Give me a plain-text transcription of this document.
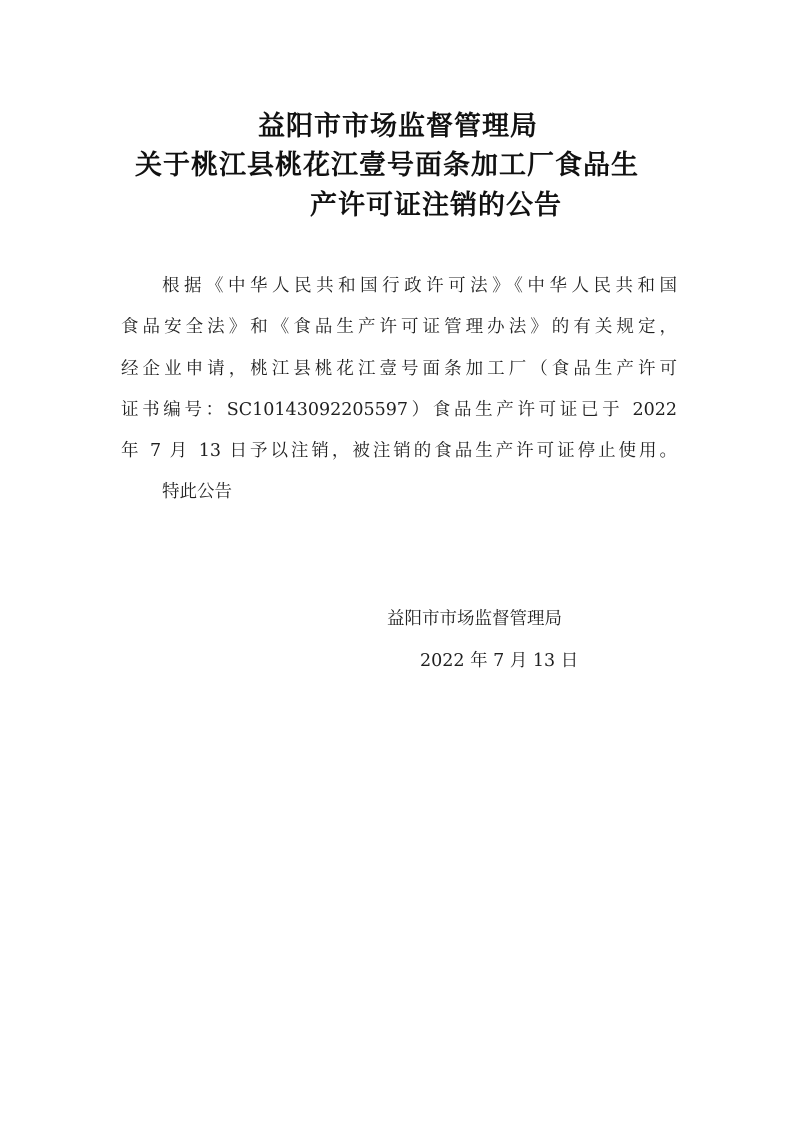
益阳市市场监督管理局
关于桃江县桃花江壹号面条加工厂食品生
产许可证注销的公告
根据《中华人民共和国行政许可法》《中华人民共和国
食品安全法》和《食品生产许可证管理办法》的有关规定，
经企业申请，桃江县桃花江壹号面条加工厂（食品生产许可
证书编号：SC10143092205597）食品生产许可证已于 2022
年 7 月 13 日予以注销，被注销的食品生产许可证停止使用。
特此公告
益阳市市场监督管理局
2022 年 7 月 13 日
